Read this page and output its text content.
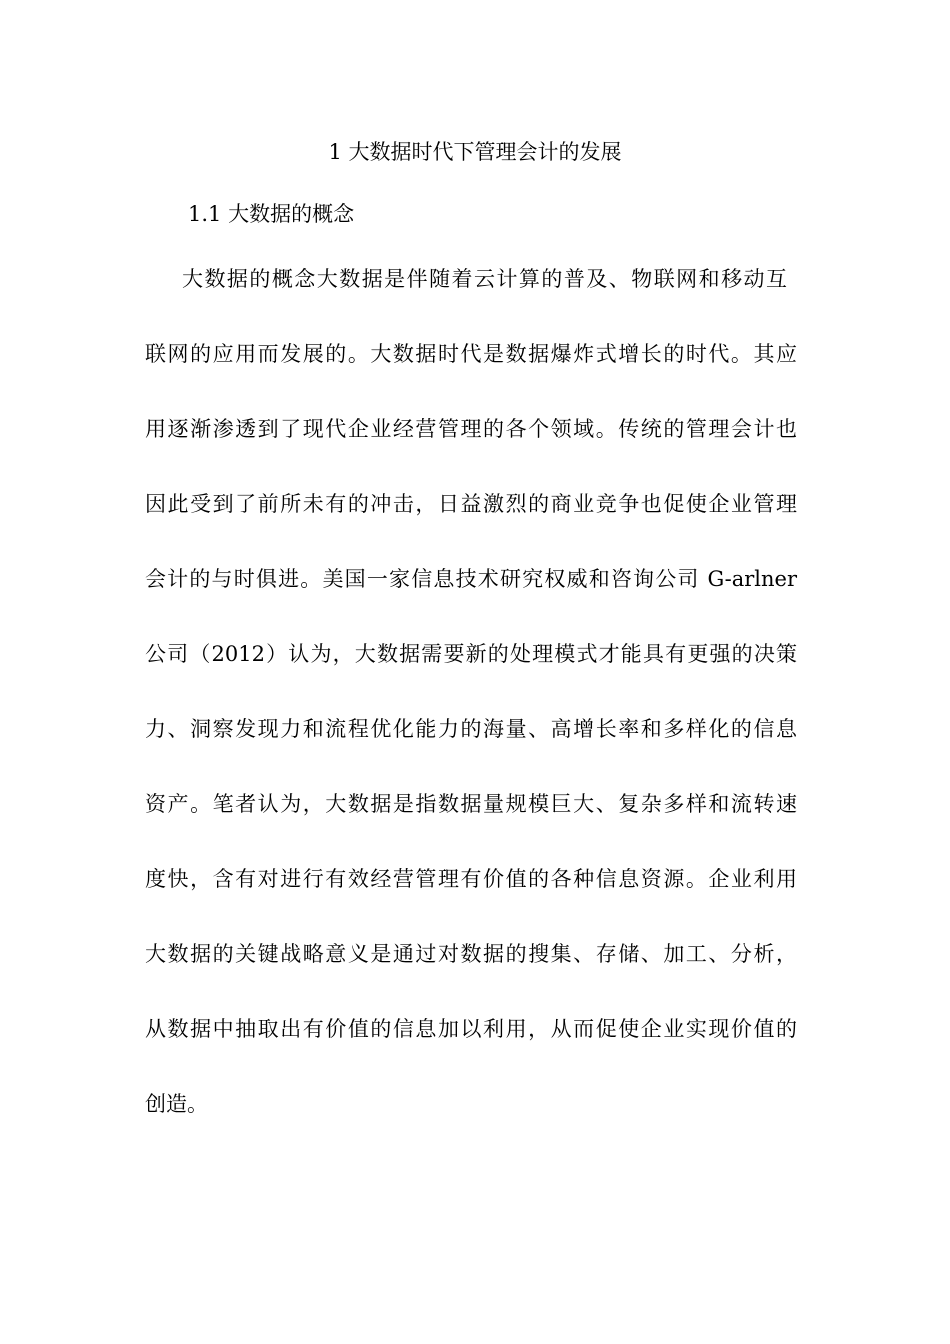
1 大数据时代下管理会计的发展
1.1 大数据的概念
大数据的概念大数据是伴随着云计算的普及、物联网和移动互
联网的应用而发展的。大数据时代是数据爆炸式增长的时代。其应
用逐渐渗透到了现代企业经营管理的各个领域。传统的管理会计也
因此受到了前所未有的冲击，日益激烈的商业竞争也促使企业管理
会计的与时俱进。美国一家信息技术研究权威和咨询公司 G-arlner
公司（2012）认为，大数据需要新的处理模式才能具有更强的决策
力、洞察发现力和流程优化能力的海量、高增长率和多样化的信息
资产。笔者认为，大数据是指数据量规模巨大、复杂多样和流转速
度快，含有对进行有效经营管理有价值的各种信息资源。企业利用
大数据的关键战略意义是通过对数据的搜集、存储、加工、分析，
从数据中抽取出有价值的信息加以利用，从而促使企业实现价值的
创造。
